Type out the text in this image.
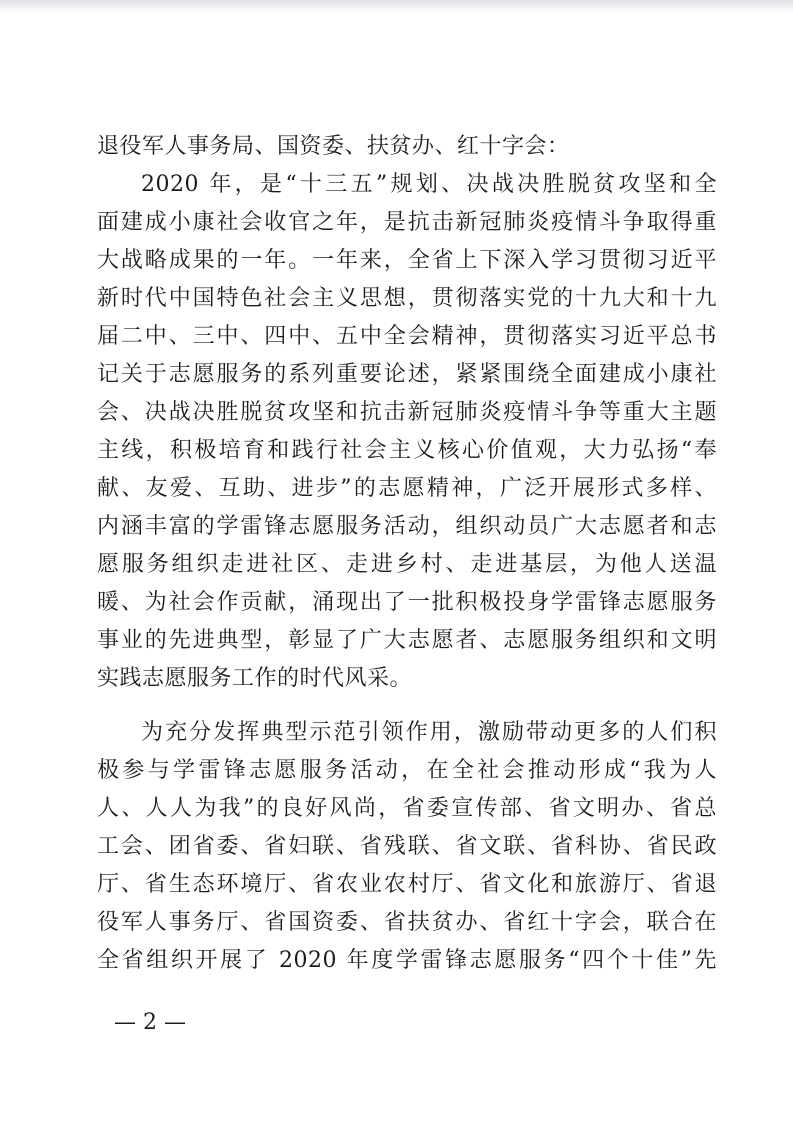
退役军人事务局、国资委、扶贫办、红十字会：
2020 年，是“十三五”规划、决战决胜脱贫攻坚和全
面建成小康社会收官之年，是抗击新冠肺炎疫情斗争取得重
大战略成果的一年。一年来，全省上下深入学习贯彻习近平
新时代中国特色社会主义思想，贯彻落实党的十九大和十九
届二中、三中、四中、五中全会精神，贯彻落实习近平总书
记关于志愿服务的系列重要论述，紧紧围绕全面建成小康社
会、决战决胜脱贫攻坚和抗击新冠肺炎疫情斗争等重大主题
主线，积极培育和践行社会主义核心价值观，大力弘扬“奉
献、友爱、互助、进步”的志愿精神，广泛开展形式多样、
内涵丰富的学雷锋志愿服务活动，组织动员广大志愿者和志
愿服务组织走进社区、走进乡村、走进基层，为他人送温
暖、为社会作贡献，涌现出了一批积极投身学雷锋志愿服务
事业的先进典型，彰显了广大志愿者、志愿服务组织和文明
实践志愿服务工作的时代风采。
为充分发挥典型示范引领作用，激励带动更多的人们积
极参与学雷锋志愿服务活动，在全社会推动形成“我为人
人、人人为我”的良好风尚，省委宣传部、省文明办、省总
工会、团省委、省妇联、省残联、省文联、省科协、省民政
厅、省生态环境厅、省农业农村厅、省文化和旅游厅、省退
役军人事务厅、省国资委、省扶贫办、省红十字会，联合在
全省组织开展了 2020 年度学雷锋志愿服务“四个十佳”先
— 2 —
